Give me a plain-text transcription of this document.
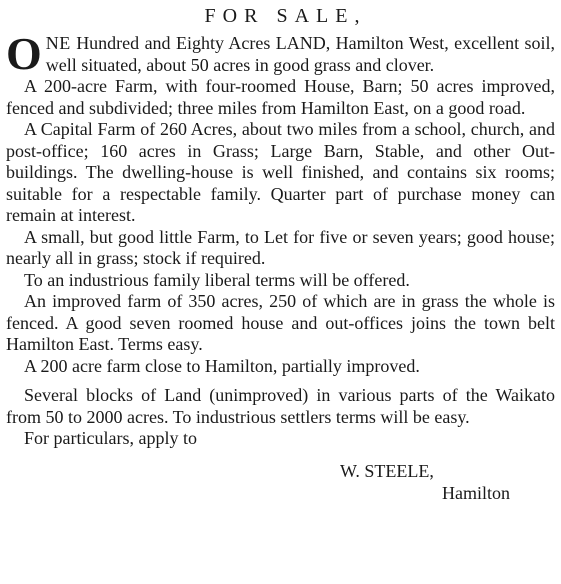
FOR SALE,

ONE Hundred and Eighty Acres LAND, Hamilton West, excellent soil, well situated, about 50 acres in good grass and clover.

A 200-acre Farm, with four-roomed House, Barn; 50 acres improved, fenced and subdivided; three miles from Hamilton East, on a good road.

A Capital Farm of 260 Acres, about two miles from a school, church, and post-office; 160 acres in Grass; Large Barn, Stable, and other Out-buildings. The dwelling-house is well finished, and contains six rooms; suitable for a respectable family. Quarter part of purchase money can remain at interest.

A small, but good little Farm, to Let for five or seven years; good house; nearly all in grass; stock if required.

To an industrious family liberal terms will be offered.

An improved farm of 350 acres, 250 of which are in grass the whole is fenced. A good seven roomed house and out-offices joins the town belt Hamilton East. Terms easy.

A 200 acre farm close to Hamilton, partially improved.

Several blocks of Land (unimproved) in various parts of the Waikato from 50 to 2000 acres. To industrious settlers terms will be easy.

For particulars, apply to

W. STEELE,

Hamilton
